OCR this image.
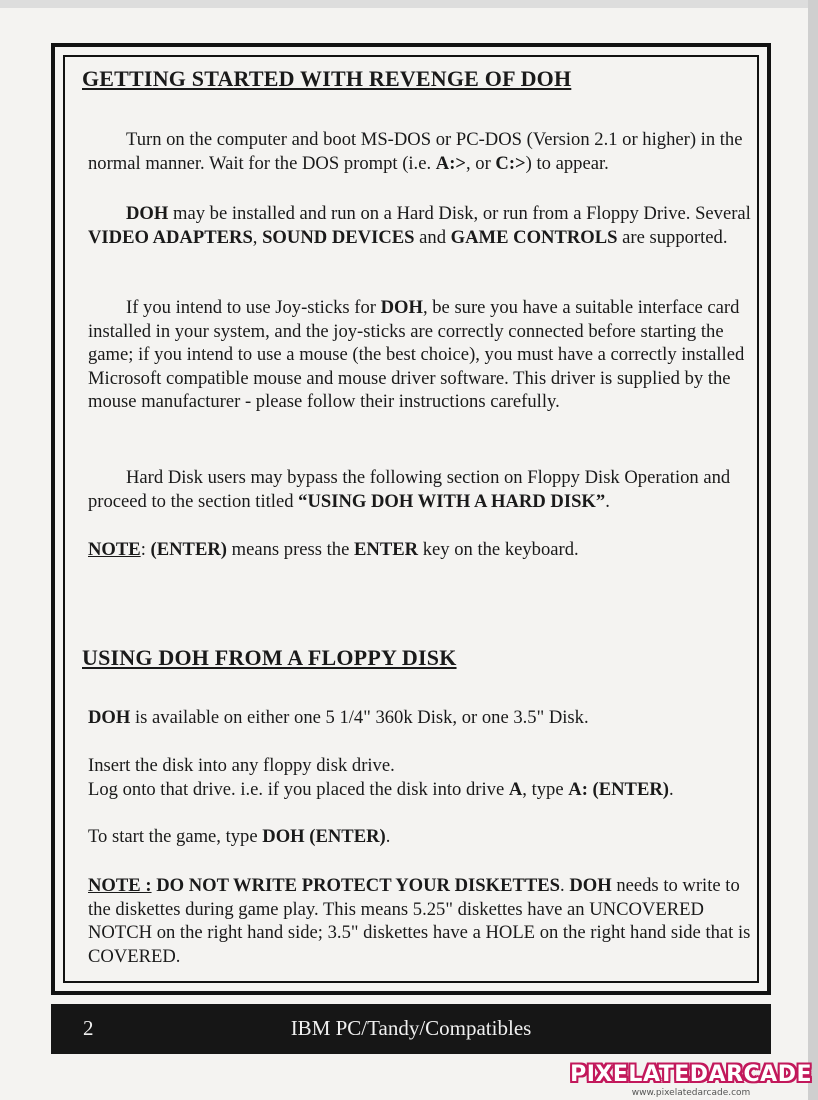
GETTING STARTED WITH REVENGE OF DOH

Turn on the computer and boot MS-DOS or PC-DOS (Version 2.1 or higher) in the normal manner. Wait for the DOS prompt (i.e. A:>, or C:>) to appear.

DOH may be installed and run on a Hard Disk, or run from a Floppy Drive. Several VIDEO ADAPTERS, SOUND DEVICES and GAME CONTROLS are supported.

If you intend to use Joy-sticks for DOH, be sure you have a suitable interface card installed in your system, and the joy-sticks are correctly connected before starting the game; if you intend to use a mouse (the best choice), you must have a correctly installed Microsoft compatible mouse and mouse driver software. This driver is supplied by the mouse manufacturer - please follow their instructions carefully.

Hard Disk users may bypass the following section on Floppy Disk Operation and proceed to the section titled “USING DOH WITH A HARD DISK”.

NOTE: (ENTER) means press the ENTER key on the keyboard.

USING DOH FROM A FLOPPY DISK

DOH is available on either one 5 1/4" 360k Disk, or one 3.5" Disk.

Insert the disk into any floppy disk drive.
Log onto that drive. i.e. if you placed the disk into drive A, type A: (ENTER).

To start the game, type DOH (ENTER).

NOTE : DO NOT WRITE PROTECT YOUR DISKETTES. DOH needs to write to the diskettes during game play. This means 5.25" diskettes have an UNCOVERED NOTCH on the right hand side; 3.5" diskettes have a HOLE on the right hand side that is COVERED.

2	IBM PC/Tandy/Compatibles
PIXELATEDARCADE
www.pixelatedarcade.com
